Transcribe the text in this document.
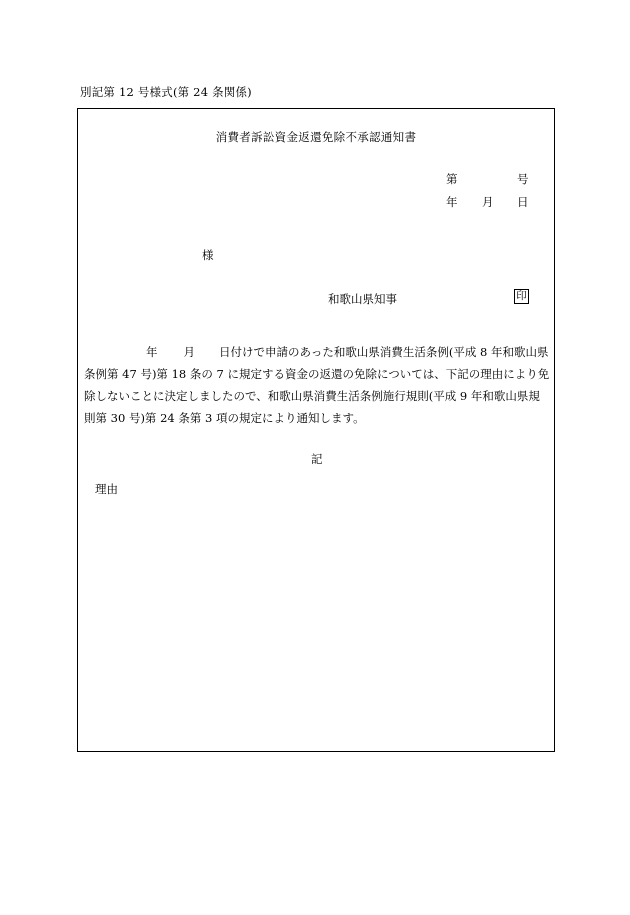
別記第 12 号様式(第 24 条関係)
消費者訴訟資金返還免除不承認通知書
第	号
年 月 日
様
和歌山県知事	印
年 月 日付けで申請のあった和歌山県消費生活条例(平成 8 年和歌山県
条例第 47 号)第 18 条の 7 に規定する資金の返還の免除については、下記の理由により免
除しないことに決定しましたので、和歌山県消費生活条例施行規則(平成 9 年和歌山県規
則第 30 号)第 24 条第 3 項の規定により通知します。
記
理由
